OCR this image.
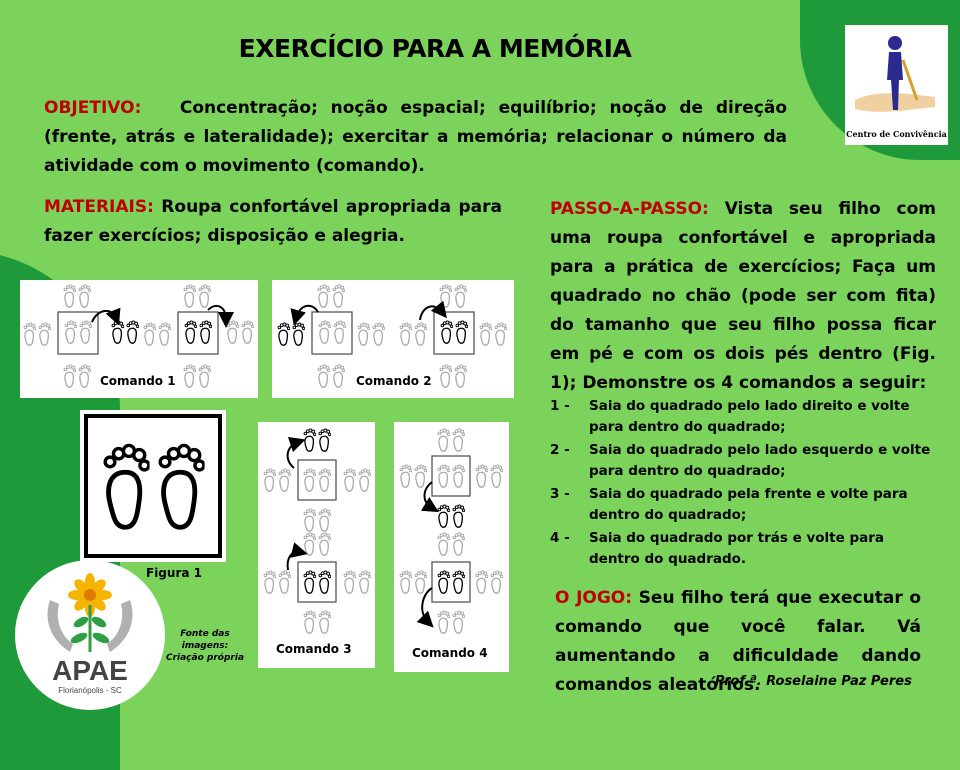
EXERCÍCIO PARA A MEMÓRIA
Centro de Convivência
OBJETIVO: Concentração; noção espacial; equilíbrio; noção de direção (frente, atrás e lateralidade); exercitar a memória; relacionar o número da atividade com o movimento (comando).
MATERIAIS: Roupa confortável apropriada para fazer exercícios; disposição e alegria.
PASSO-A-PASSO: Vista seu filho com uma roupa confortável e apropriada para a prática de exercícios; Faça um quadrado no chão (pode ser com fita) do tamanho que seu filho possa ficar em pé e com os dois pés dentro (Fig. 1); Demonstre os 4 comandos a seguir:
1 - Saia do quadrado pelo lado direito e volte para dentro do quadrado;
2 - Saia do quadrado pelo lado esquerdo e volte para dentro do quadrado;
3 - Saia do quadrado pela frente e volte para dentro do quadrado;
4 - Saia do quadrado por trás e volte para dentro do quadrado.
O JOGO: Seu filho terá que executar o comando que você falar. Vá aumentando a dificuldade dando comandos aleatórios.
Comando 1	Comando 2
Figura 1
Comando 3	Comando 4
APAE
Florianópolis - SC
Fonte das
imagens:
Criação própria
Prof.ª. Roselaine Paz Peres
